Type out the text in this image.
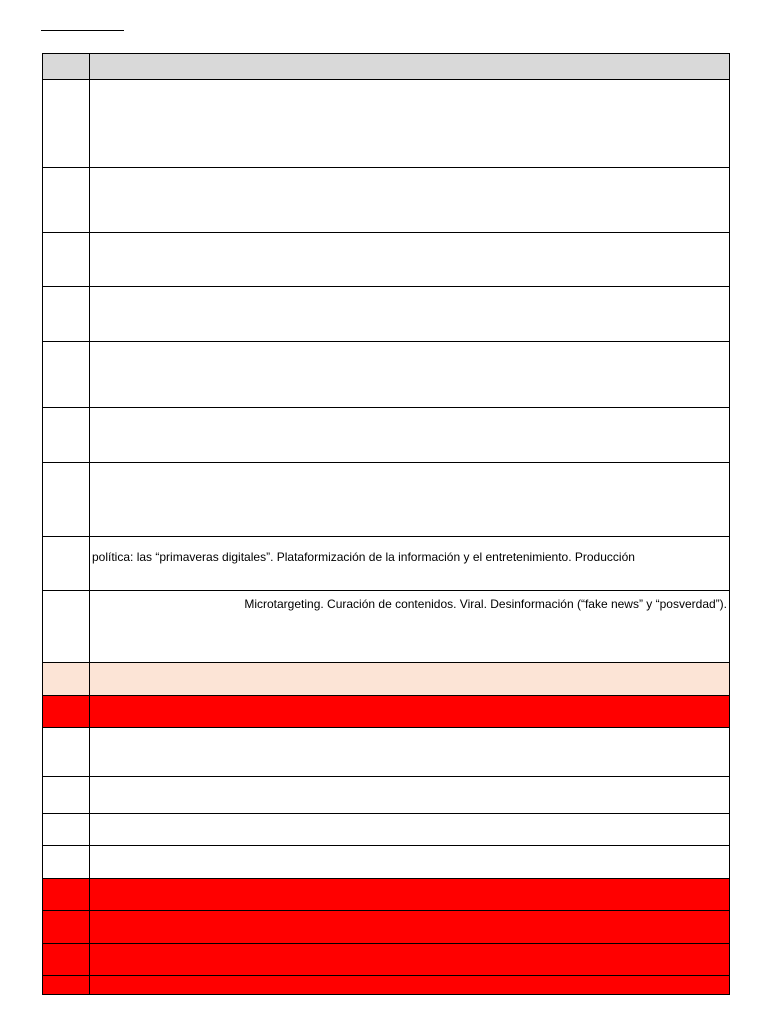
	política: las “primaveras digitales”. Plataformización de la información y el entretenimiento. Producción

	Microtargeting. Curación de contenidos. Viral. Desinformación (“fake news” y “posverdad”).
